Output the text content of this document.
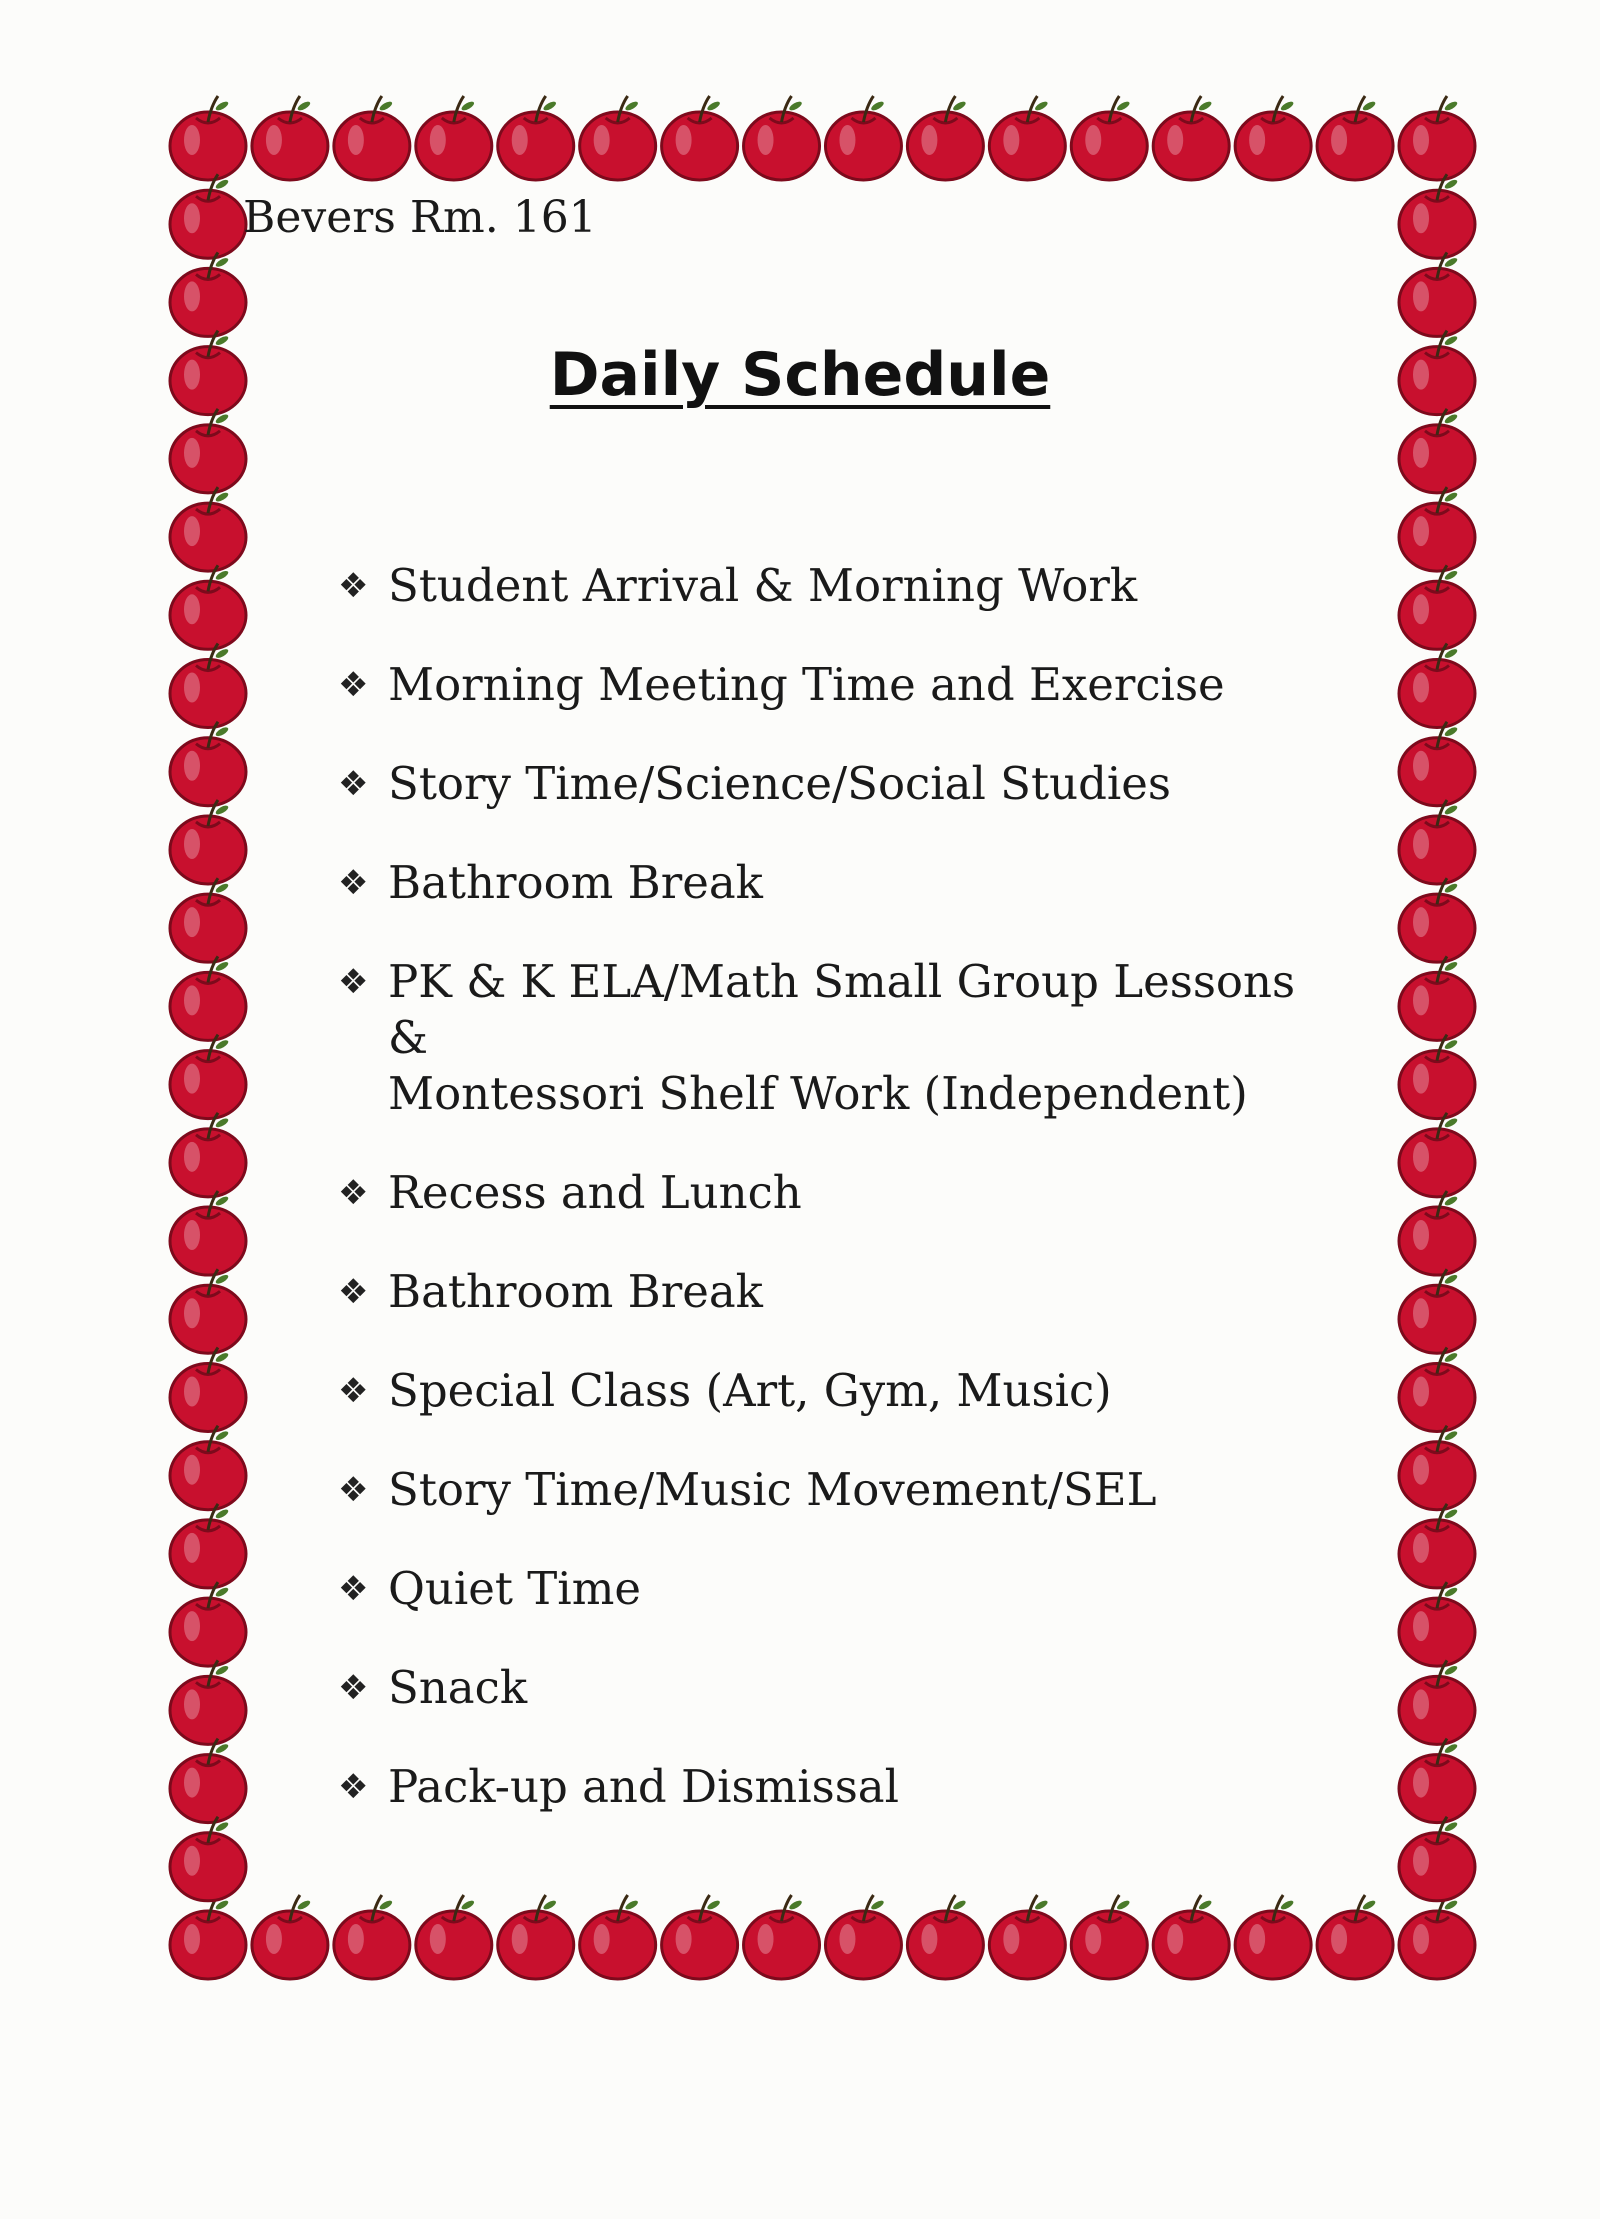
Bevers Rm. 161
Daily Schedule
❖ Student Arrival & Morning Work
❖ Morning Meeting Time and Exercise
❖ Story Time/Science/Social Studies
❖ Bathroom Break
❖ PK & K ELA/Math Small Group Lessons &
Montessori Shelf Work (Independent)
❖ Recess and Lunch
❖ Bathroom Break
❖ Special Class (Art, Gym, Music)
❖ Story Time/Music Movement/SEL
❖ Quiet Time
❖ Snack
❖ Pack-up and Dismissal
